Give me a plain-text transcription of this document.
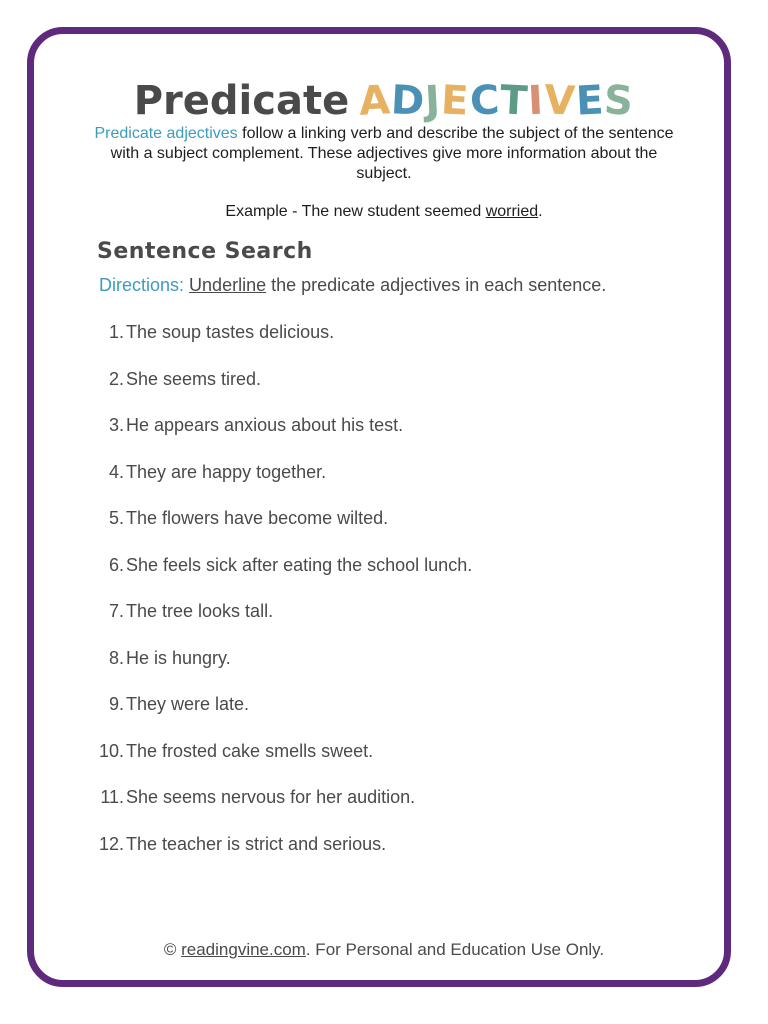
Predicate ADJECTIVES
Predicate adjectives follow a linking verb and describe the subject of the sentence with a subject complement. These adjectives give more information about the subject.
Example - The new student seemed worried.
Sentence Search
Directions: Underline the predicate adjectives in each sentence.
1. The soup tastes delicious.
2. She seems tired.
3. He appears anxious about his test.
4. They are happy together.
5. The flowers have become wilted.
6. She feels sick after eating the school lunch.
7. The tree looks tall.
8. He is hungry.
9. They were late.
10. The frosted cake smells sweet.
11. She seems nervous for her audition.
12. The teacher is strict and serious.
© readingvine.com. For Personal and Education Use Only.
